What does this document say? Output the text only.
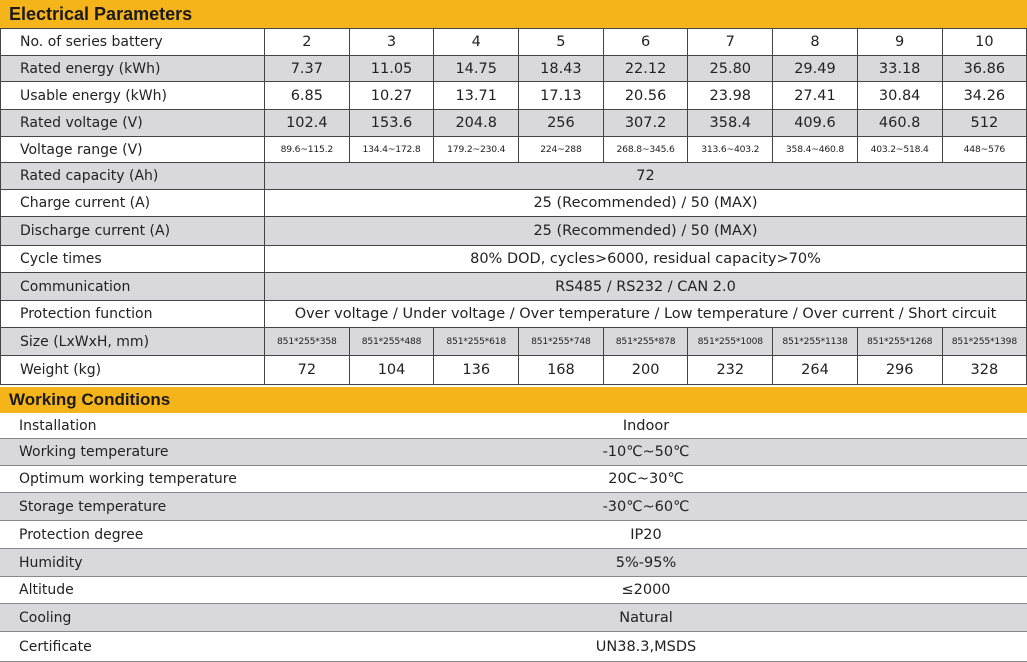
Electrical Parameters
No. of series battery	2	3	4	5	6	7	8	9	10
Rated energy (kWh)	7.37	11.05	14.75	18.43	22.12	25.80	29.49	33.18	36.86
Usable energy (kWh)	6.85	10.27	13.71	17.13	20.56	23.98	27.41	30.84	34.26
Rated voltage (V)	102.4	153.6	204.8	256	307.2	358.4	409.6	460.8	512
Voltage range (V)	89.6~115.2	134.4~172.8	179.2~230.4	224~288	268.8~345.6	313.6~403.2	358.4~460.8	403.2~518.4	448~576
Rated capacity (Ah)	72
Charge current (A)	25 (Recommended) / 50 (MAX)
Discharge current (A)	25 (Recommended) / 50 (MAX)
Cycle times	80% DOD, cycles>6000, residual capacity>70%
Communication	RS485 / RS232 / CAN 2.0
Protection function	Over voltage / Under voltage / Over temperature / Low temperature / Over current / Short circuit
Size (LxWxH, mm)	851*255*358	851*255*488	851*255*618	851*255*748	851*255*878	851*255*1008	851*255*1138	851*255*1268	851*255*1398
Weight (kg)	72	104	136	168	200	232	264	296	328
Working Conditions
Installation	Indoor
Working temperature	-10℃~50℃
Optimum working temperature	20C~30℃
Storage temperature	-30℃~60℃
Protection degree	IP20
Humidity	5%-95%
Altitude	≤2000
Cooling	Natural
Certificate	UN38.3,MSDS
